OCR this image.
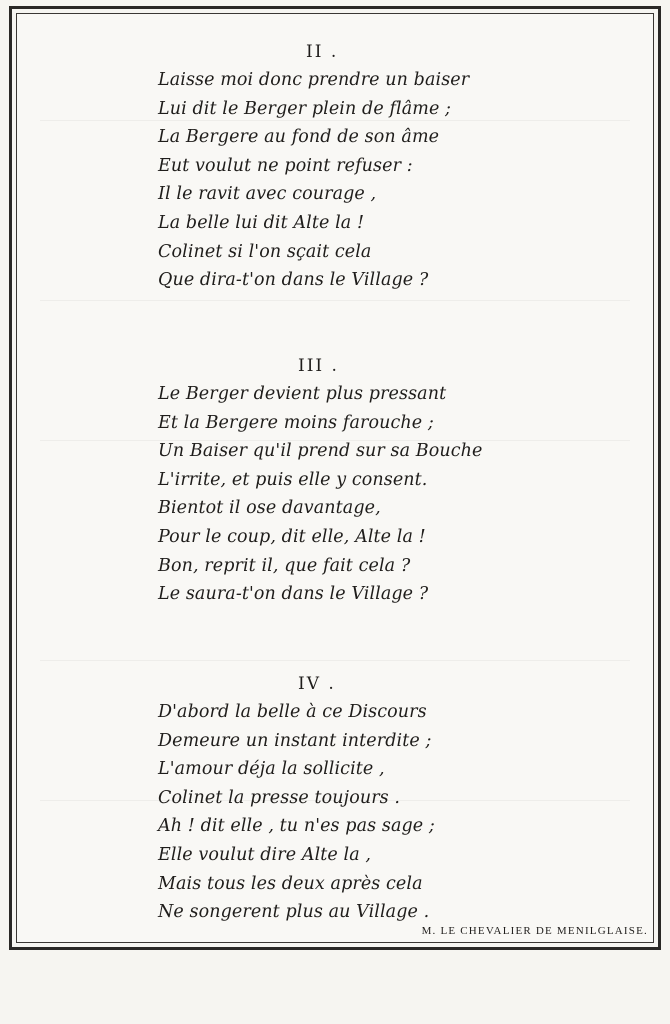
II .

Laisse moi donc prendre un baiser
Lui dit le Berger plein de flâme ;
La Bergere au fond de son âme
Eut voulut ne point refuser :
Il le ravit avec courage ,
La belle lui dit Alte la !
Colinet si l'on sçait cela
Que dira-t'on dans le Village ?

III .

Le Berger devient plus pressant
Et la Bergere moins farouche ;
Un Baiser qu'il prend sur sa Bouche
L'irrite, et puis elle y consent.
Bientot il ose davantage,
Pour le coup, dit elle, Alte la !
Bon, reprit il, que fait cela ?
Le saura-t'on dans le Village ?

IV .

D'abord la belle à ce Discours
Demeure un instant interdite ;
L'amour déja la sollicite ,
Colinet la presse toujours .
Ah ! dit elle , tu n'es pas sage ;
Elle voulut dire Alte la ,
Mais tous les deux après cela
Ne songerent plus au Village .
M. LE CHEVALIER DE MENILGLAISE.
